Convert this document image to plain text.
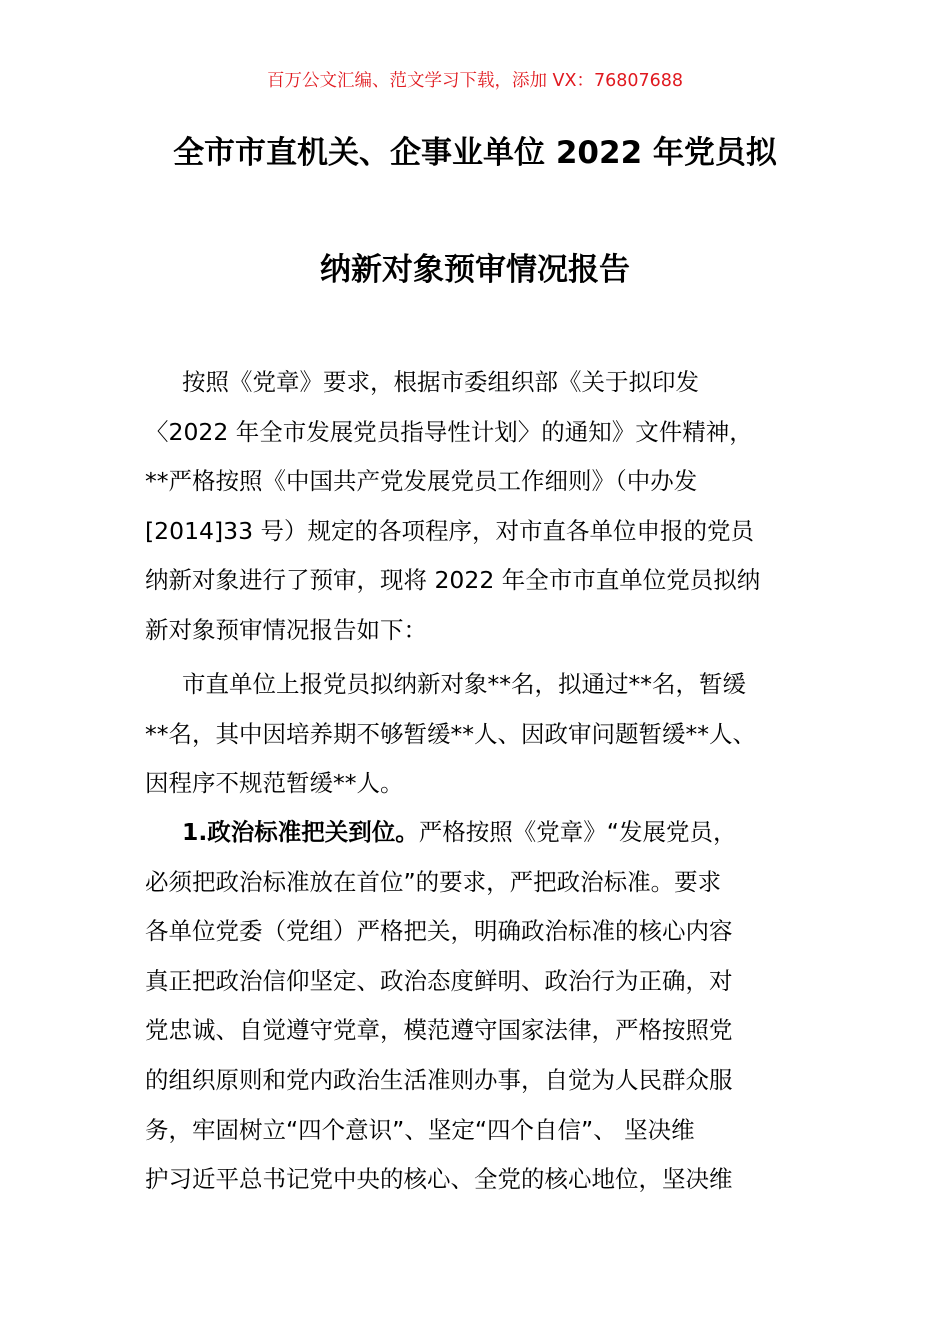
百万公文汇编、范文学习下载，添加 VX：76807688
全市市直机关、企事业单位 2022 年党员拟
纳新对象预审情况报告
按照《党章》要求，根据市委组织部《关于拟印发
〈2022 年全市发展党员指导性计划〉的通知》文件精神，
**严格按照《中国共产党发展党员工作细则》（中办发
[2014]33 号）规定的各项程序，对市直各单位申报的党员
纳新对象进行了预审，现将 2022 年全市市直单位党员拟纳
新对象预审情况报告如下：
市直单位上报党员拟纳新对象**名，拟通过**名，暂缓
**名，其中因培养期不够暂缓**人、因政审问题暂缓**人、
因程序不规范暂缓**人。
1.政治标准把关到位。严格按照《党章》“发展党员，
必须把政治标准放在首位”的要求，严把政治标准。要求
各单位党委（党组）严格把关，明确政治标准的核心内容
真正把政治信仰坚定、政治态度鲜明、政治行为正确，对
党忠诚、自觉遵守党章，模范遵守国家法律，严格按照党
的组织原则和党内政治生活准则办事，自觉为人民群众服
务，牢固树立“四个意识”、坚定“四个自信”、 坚决维
护习近平总书记党中央的核心、全党的核心地位，坚决维
